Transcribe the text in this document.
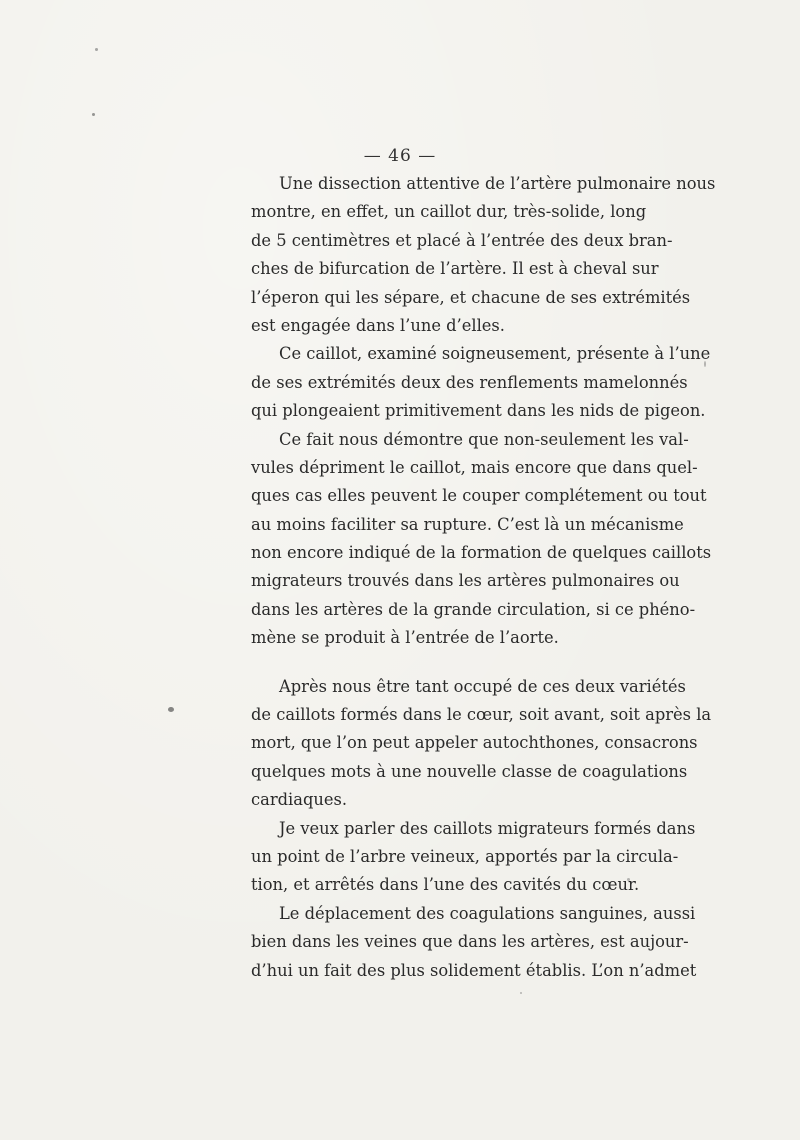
— 46 —
Une dissection attentive de l’artère pulmonaire nous
montre, en effet, un caillot dur, très-solide, long
de 5 centimètres et placé à l’entrée des deux bran-
ches de bifurcation de l’artère. Il est à cheval sur
l’éperon qui les sépare, et chacune de ses extrémités
est engagée dans l’une d’elles.
Ce caillot, examiné soigneusement, présente à l’une
de ses extrémités deux des renflements mamelonnés
qui plongeaient primitivement dans les nids de pigeon.
Ce fait nous démontre que non-seulement les val-
vules dépriment le caillot, mais encore que dans quel-
ques cas elles peuvent le couper complétement ou tout
au moins faciliter sa rupture. C’est là un mécanisme
non encore indiqué de la formation de quelques caillots
migrateurs trouvés dans les artères pulmonaires ou
dans les artères de la grande circulation, si ce phéno-
mène se produit à l’entrée de l’aorte.
Après nous être tant occupé de ces deux variétés
de caillots formés dans le cœur, soit avant, soit après la
mort, que l’on peut appeler autochthones, consacrons
quelques mots à une nouvelle classe de coagulations
cardiaques.
Je veux parler des caillots migrateurs formés dans
un point de l’arbre veineux, apportés par la circula-
tion, et arrêtés dans l’une des cavités du cœur.
Le déplacement des coagulations sanguines, aussi
bien dans les veines que dans les artères, est aujour-
d’hui un fait des plus solidement établis. L’on n’admet
